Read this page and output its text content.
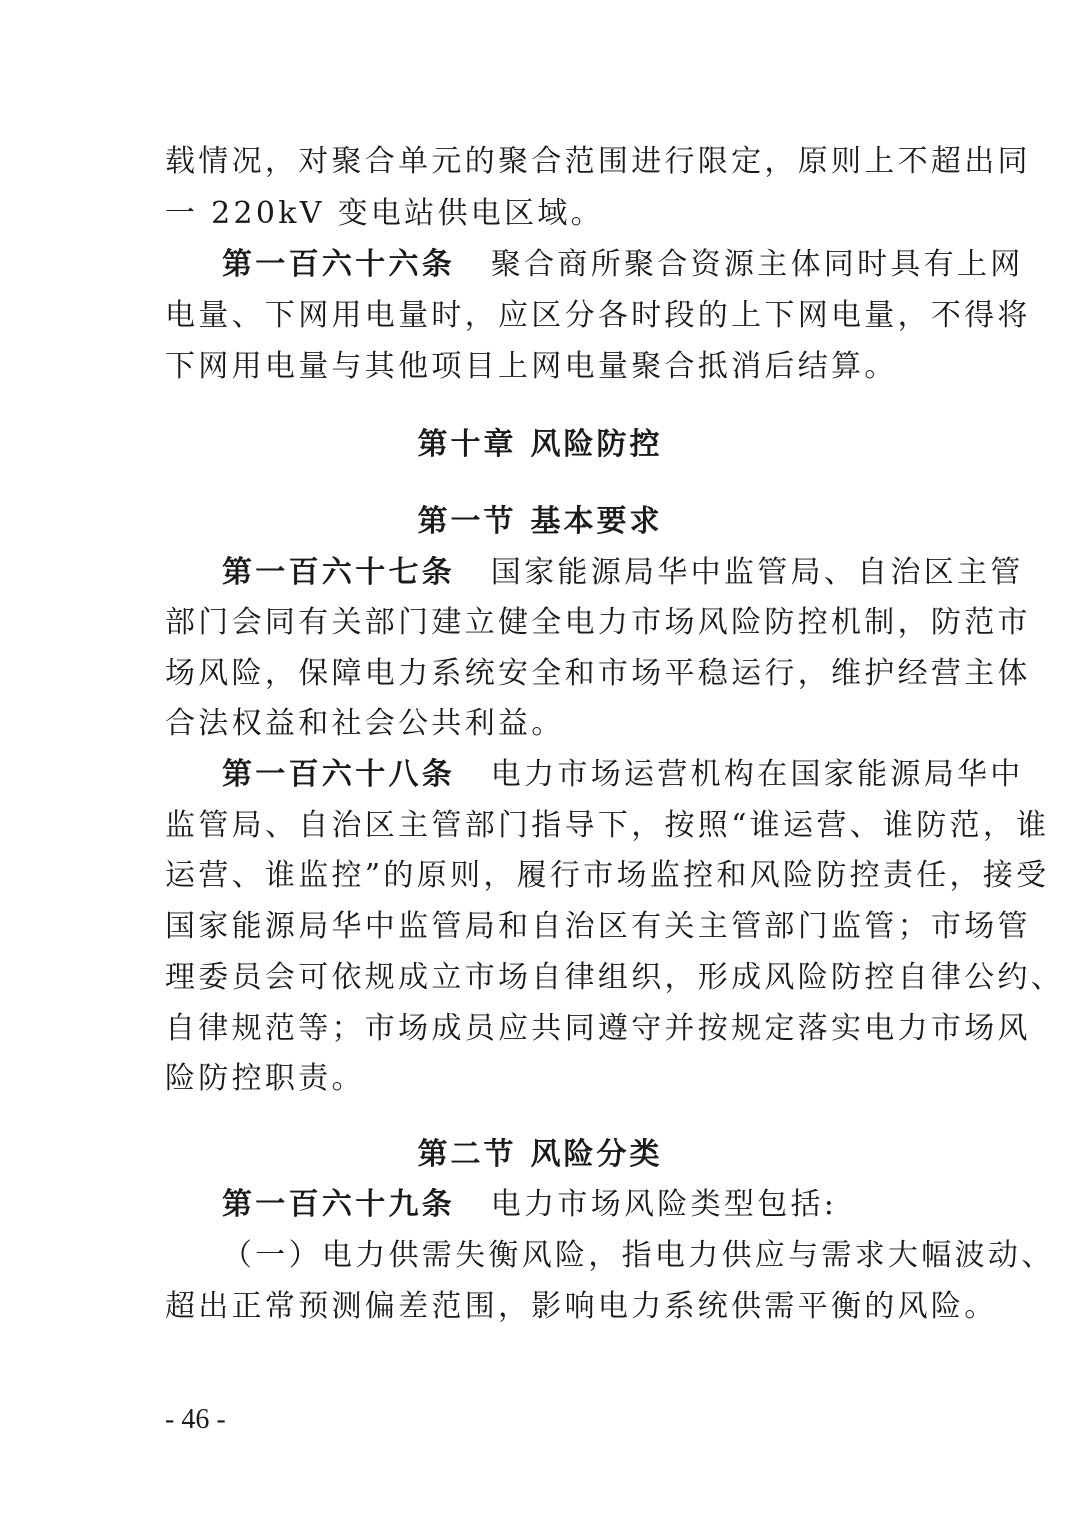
载情况，对聚合单元的聚合范围进行限定，原则上不超出同
一 220kV 变电站供电区域。
第一百六十六条 聚合商所聚合资源主体同时具有上网
电量、下网用电量时，应区分各时段的上下网电量，不得将
下网用电量与其他项目上网电量聚合抵消后结算。
第十章 风险防控
第一节 基本要求
第一百六十七条 国家能源局华中监管局、自治区主管
部门会同有关部门建立健全电力市场风险防控机制，防范市
场风险，保障电力系统安全和市场平稳运行，维护经营主体
合法权益和社会公共利益。
第一百六十八条 电力市场运营机构在国家能源局华中
监管局、自治区主管部门指导下，按照“谁运营、谁防范，谁
运营、谁监控”的原则，履行市场监控和风险防控责任，接受
国家能源局华中监管局和自治区有关主管部门监管；市场管
理委员会可依规成立市场自律组织，形成风险防控自律公约、
自律规范等；市场成员应共同遵守并按规定落实电力市场风
险防控职责。
第二节 风险分类
第一百六十九条 电力市场风险类型包括:
（一）电力供需失衡风险，指电力供应与需求大幅波动、
超出正常预测偏差范围，影响电力系统供需平衡的风险。
- 46 -
